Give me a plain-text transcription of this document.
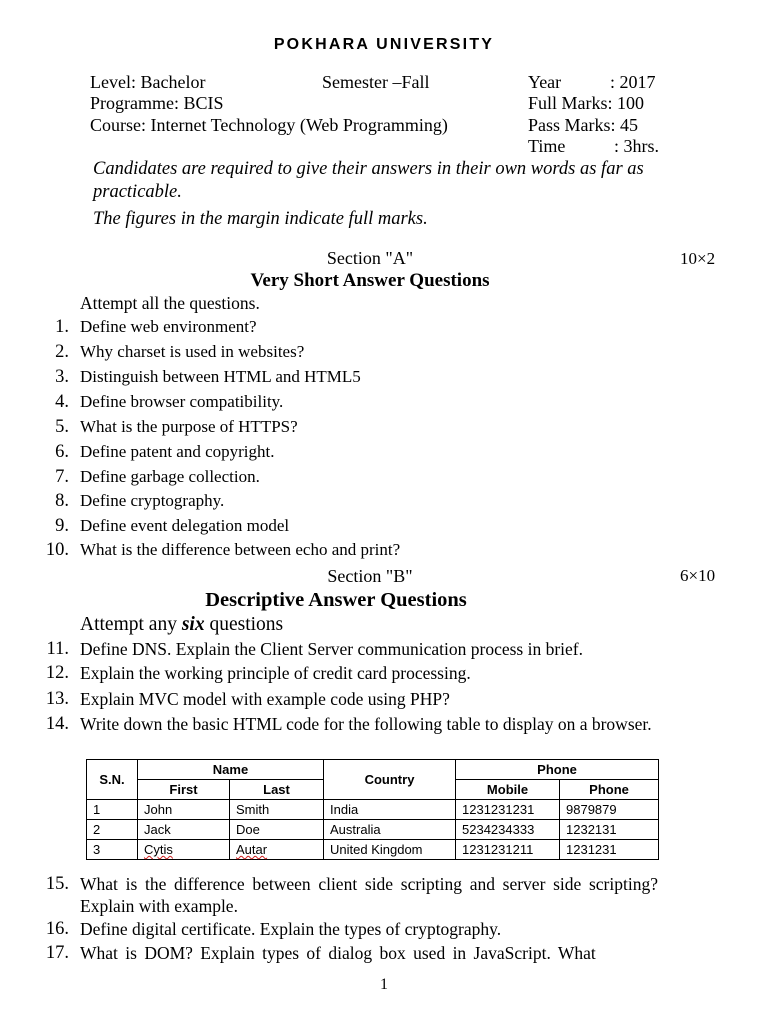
POKHARA UNIVERSITY
Level: Bachelor	Semester –Fall	Year	: 2017
Programme: BCIS	Full Marks: 100
Course: Internet Technology (Web Programming)	Pass Marks: 45
Time	: 3hrs.
Candidates are required to give their answers in their own words as far as practicable.
The figures in the margin indicate full marks.
Section "A"	10×2
Very Short Answer Questions
Attempt all the questions.
1. Define web environment?
2. Why charset is used in websites?
3. Distinguish between HTML and HTML5
4. Define browser compatibility.
5. What is the purpose of HTTPS?
6. Define patent and copyright.
7. Define garbage collection.
8. Define cryptography.
9. Define event delegation model
10. What is the difference between echo and print?
Section "B"	6×10
Descriptive Answer Questions
Attempt any six questions
11. Define DNS. Explain the Client Server communication process in brief.
12. Explain the working principle of credit card processing.
13. Explain MVC model with example code using PHP?
14. Write down the basic HTML code for the following table to display on a browser.
S.N.	Name		Country	Phone	
	First	Last		Mobile	Phone
1	John	Smith	India	1231231231	9879879
2	Jack	Doe	Australia	5234234333	1232131
3	Cytis	Autar	United Kingdom	1231231211	1231231
15. What is the difference between client side scripting and server side scripting? Explain with example.
16. Define digital certificate. Explain the types of cryptography.
17. What is DOM? Explain types of dialog box used in JavaScript. What
1
